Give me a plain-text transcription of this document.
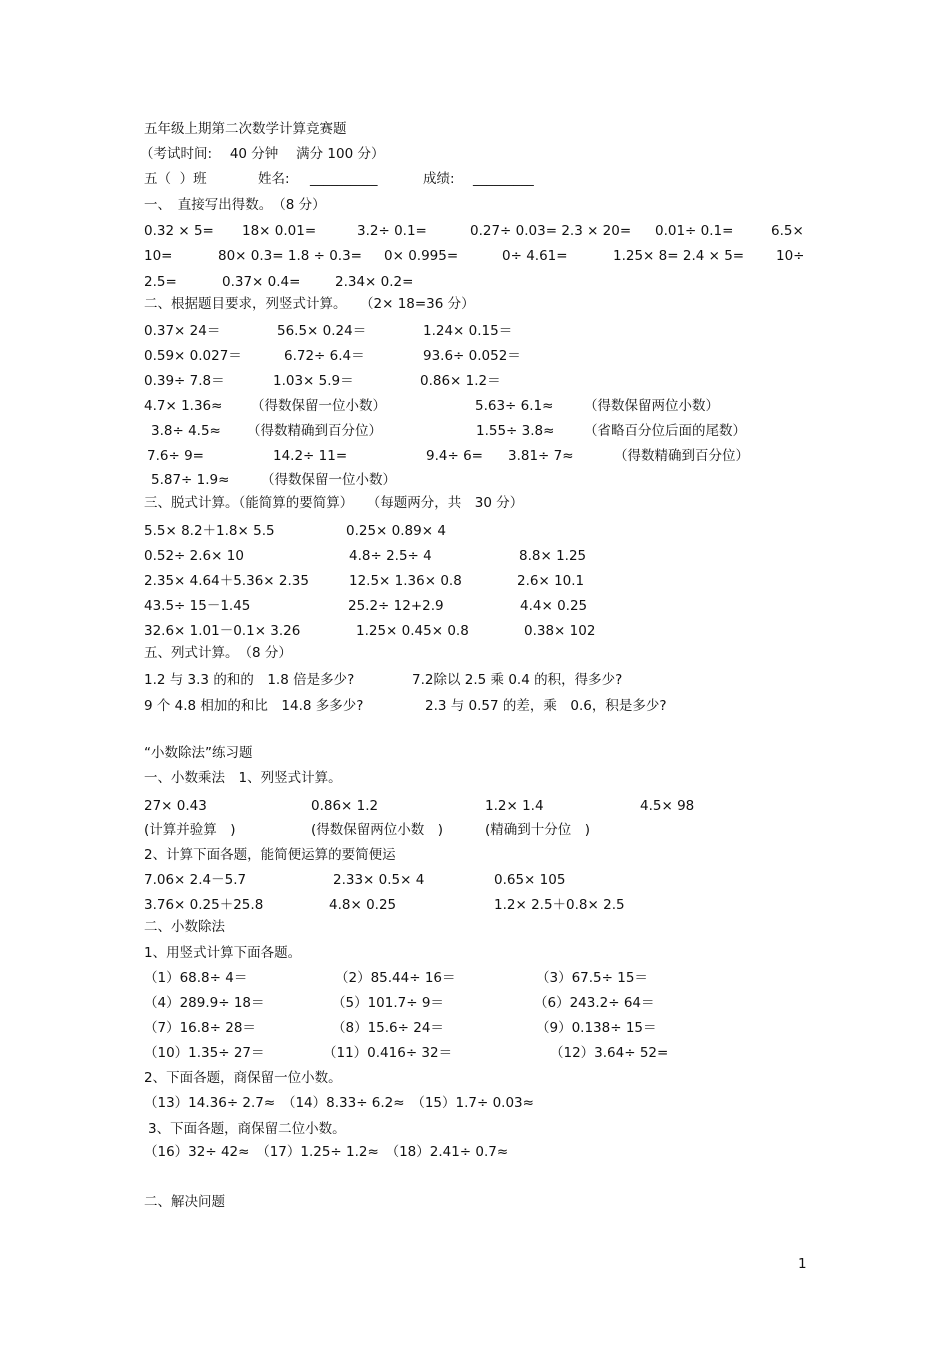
五年级上期第二次数学计算竞赛题
（考试时间:　 40 分钟　 满分 100 分）
五（  ）班	姓名: __________	成绩: _________
一、　直接写出得数。　（8 分）
0.32 × 5= 18× 0.01=	3.2÷ 0.1=	0.27÷ 0.03= 2.3 × 20= 0.01÷ 0.1=	6.5×
10=	80× 0.3= 1.8 ÷ 0.3= 0× 0.995=	0÷ 4.61=	1.25× 8= 2.4 × 5= 10÷
2.5=	0.37× 0.4=	2.34× 0.2=
二、根据题目要求，列竖式计算。　　（2× 18=36 分）
0.37× 24＝	56.5× 0.24＝	1.24× 0.15＝
0.59× 0.027＝	6.72÷ 6.4＝	93.6÷ 0.052＝
0.39÷ 7.8＝	1.03× 5.9＝	0.86× 1.2＝
4.7× 1.36≈ （得数保留一位小数）	5.63÷ 6.1≈ （得数保留两位小数）
3.8÷ 4.5≈ （得数精确到百分位）	1.55÷ 3.8≈ （省略百分位后面的尾数）
7.6÷ 9=	14.2÷ 11=	9.4÷ 6= 3.81÷ 7≈	（得数精确到百分位）
5.87÷ 1.9≈ （得数保留一位小数）
三、脱式计算。（能简算的要简算）　　（每题两分，共　30 分）
5.5× 8.2＋1.8× 5.5	0.25× 0.89× 4
0.52÷ 2.6× 10	4.8÷ 2.5÷ 4	8.8× 1.25
2.35× 4.64＋5.36× 2.35	12.5× 1.36× 0.8	2.6× 10.1
43.5÷ 15－1.45	25.2÷ 12+2.9	4.4× 0.25
32.6× 1.01－0.1× 3.26	1.25× 0.45× 0.8	0.38× 102
五、列式计算。　（8 分）
1.2 与 3.3 的和的　1.8 倍是多少?	7.2除以 2.5 乘 0.4 的积，得多少?
9 个 4.8 相加的和比　14.8 多多少?	2.3 与 0.57 的差，乘　0.6，积是多少?
“小数除法”练习题
一、小数乘法　1、列竖式计算。
27× 0.43	0.86× 1.2	1.2× 1.4	4.5× 98
(计算并验算　)	(得数保留两位小数　)	(精确到十分位　)
2、计算下面各题，能简便运算的要简便运
7.06× 2.4－5.7	2.33× 0.5× 4	0.65× 105
3.76× 0.25＋25.8	4.8× 0.25	1.2× 2.5＋0.8× 2.5
二、小数除法
1、用竖式计算下面各题。
（1）68.8÷ 4＝	（2）85.44÷ 16＝	（3）67.5÷ 15＝
（4）289.9÷ 18＝	（5）101.7÷ 9＝	（6）243.2÷ 64＝
（7）16.8÷ 28＝	（8）15.6÷ 24＝	（9）0.138÷ 15＝
（10）1.35÷ 27＝	（11）0.416÷ 32＝	（12）3.64÷ 52=
2、下面各题，商保留一位小数。
（13）14.36÷ 2.7≈　（14）8.33÷ 6.2≈　（15）1.7÷ 0.03≈
3、下面各题，商保留二位小数。
（16）32÷ 42≈　（17）1.25÷ 1.2≈　（18）2.41÷ 0.7≈
二、解决问题
1
